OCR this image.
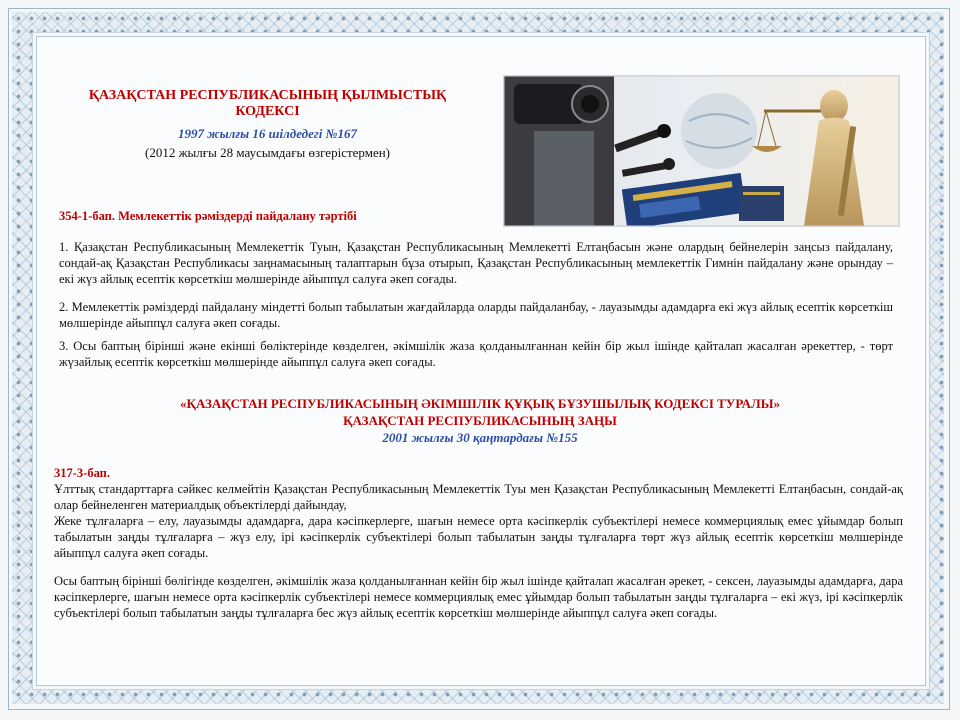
ҚАЗАҚСТАН РЕСПУБЛИКАСЫНЫҢ ҚЫЛМЫСТЫҚ КОДЕКСІ
1997 жылғы 16 шілдедегі №167
(2012 жылғы 28 маусымдағы өзгерістермен)
354-1-бап. Мемлекеттік рәміздерді пайдалану тәртібі
1. Қазақстан Республикасының Мемлекеттік Туын, Қазақстан Республикасының Мемлекетті Елтаңбасын және олардың бейнелерін заңсыз пайдалану, сондай-ақ Қазақстан Республикасы заңнамасының талаптарын бұза отырып, Қазақстан Республикасының мемлекеттік Гимнін пайдалану және орындау – екі жүз айлық есептік көрсеткіш мөлшерінде айыппұл салуға әкеп соғады.
2. Мемлекеттік рәміздерді пайдалану міндетті болып табылатын жағдайларда оларды пайдаланбау, - лауазымды адамдарға екі жүз айлық есептік көрсеткіш мөлшерінде айыппұл салуға әкеп соғады.
3. Осы баптың бірінші және екінші бөліктерінде көзделген, әкімшілік жаза қолданылғаннан кейін бір жыл ішінде қайталап жасалған әрекеттер, - төрт жүзайлық есептік көрсеткіш мөлшерінде айыппұл салуға әкеп соғады.
«ҚАЗАҚСТАН РЕСПУБЛИКАСЫНЫҢ ӘКІМШІЛІК ҚҰҚЫҚ БҰЗУШЫЛЫҚ КОДЕКСІ ТУРАЛЫ»
ҚАЗАҚСТАН РЕСПУБЛИКАСЫНЫҢ ЗАҢЫ
2001 жылғы 30 қаңтардағы №155
317-3-бап.
Ұлттық стандарттарға сәйкес келмейтін Қазақстан Республикасының Мемлекеттік Туы мен Қазақстан Республикасының Мемлекетті Елтаңбасын, сондай-ақ олар бейнеленген материалдық объектілерді дайындау,
Жеке тұлғаларға – елу, лауазымды адамдарға, дара кәсіпкерлерге, шағын немесе орта кәсіпкерлік субъектілері немесе коммерциялық емес ұйымдар болып табылатын заңды тұлғаларға – жүз елу, ірі кәсіпкерлік субъектілері болып табылатын заңды тұлғаларға төрт жүз айлық есептік көрсеткіш мөлшерінде айыппұл салуға әкеп соғады.
Осы баптың бірінші бөлігінде көзделген, әкімшілік жаза қолданылғаннан кейін бір жыл ішінде қайталап жасалған әрекет, - сексен, лауазымды адамдарға, дара кәсіпкерлерге, шағын немесе орта кәсіпкерлік субъектілері немесе коммерциялық емес ұйымдар болып табылатын заңды тұлғаларға – екі жүз, ірі кәсіпкерлік субъектілері болып табылатын заңды тұлғаларға бес жүз айлық есептік көрсеткіш мөлшерінде айыппұл салуға әкеп соғады.
